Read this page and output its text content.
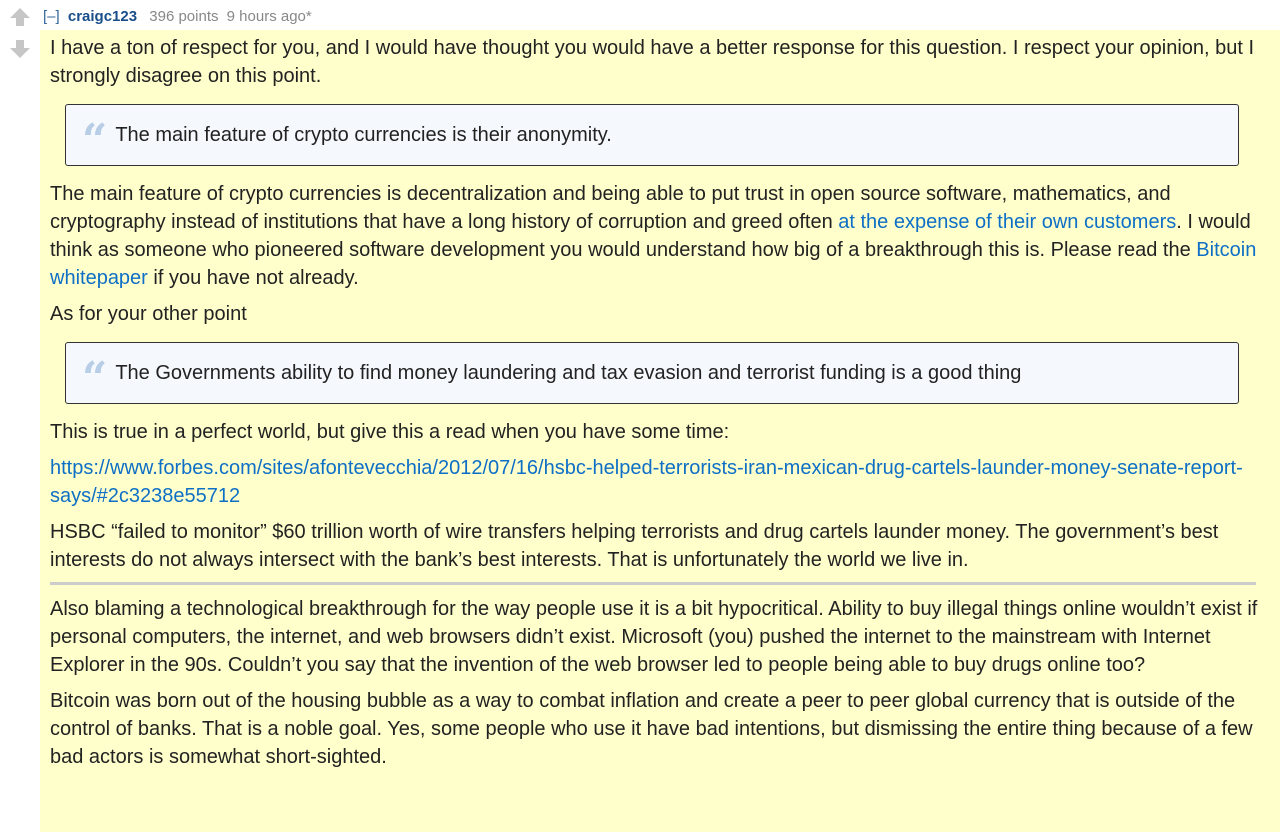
[–] craigc123 396 points 9 hours ago*

I have a ton of respect for you, and I would have thought you would have a better response for this question. I respect your opinion, but I strongly disagree on this point.

“ The main feature of crypto currencies is their anonymity.

The main feature of crypto currencies is decentralization and being able to put trust in open source software, mathematics, and cryptography instead of institutions that have a long history of corruption and greed often at the expense of their own customers. I would think as someone who pioneered software development you would understand how big of a breakthrough this is. Please read the Bitcoin whitepaper if you have not already.

As for your other point

“ The Governments ability to find money laundering and tax evasion and terrorist funding is a good thing

This is true in a perfect world, but give this a read when you have some time:

https://www.forbes.com/sites/afontevecchia/2012/07/16/hsbc-helped-terrorists-iran-mexican-drug-cartels-launder-money-senate-report-says/#2c3238e55712

HSBC “failed to monitor” $60 trillion worth of wire transfers helping terrorists and drug cartels launder money. The government’s best interests do not always intersect with the bank’s best interests. That is unfortunately the world we live in.

Also blaming a technological breakthrough for the way people use it is a bit hypocritical. Ability to buy illegal things online wouldn’t exist if personal computers, the internet, and web browsers didn’t exist. Microsoft (you) pushed the internet to the mainstream with Internet Explorer in the 90s. Couldn’t you say that the invention of the web browser led to people being able to buy drugs online too?

Bitcoin was born out of the housing bubble as a way to combat inflation and create a peer to peer global currency that is outside of the control of banks. That is a noble goal. Yes, some people who use it have bad intentions, but dismissing the entire thing because of a few bad actors is somewhat short-sighted.
